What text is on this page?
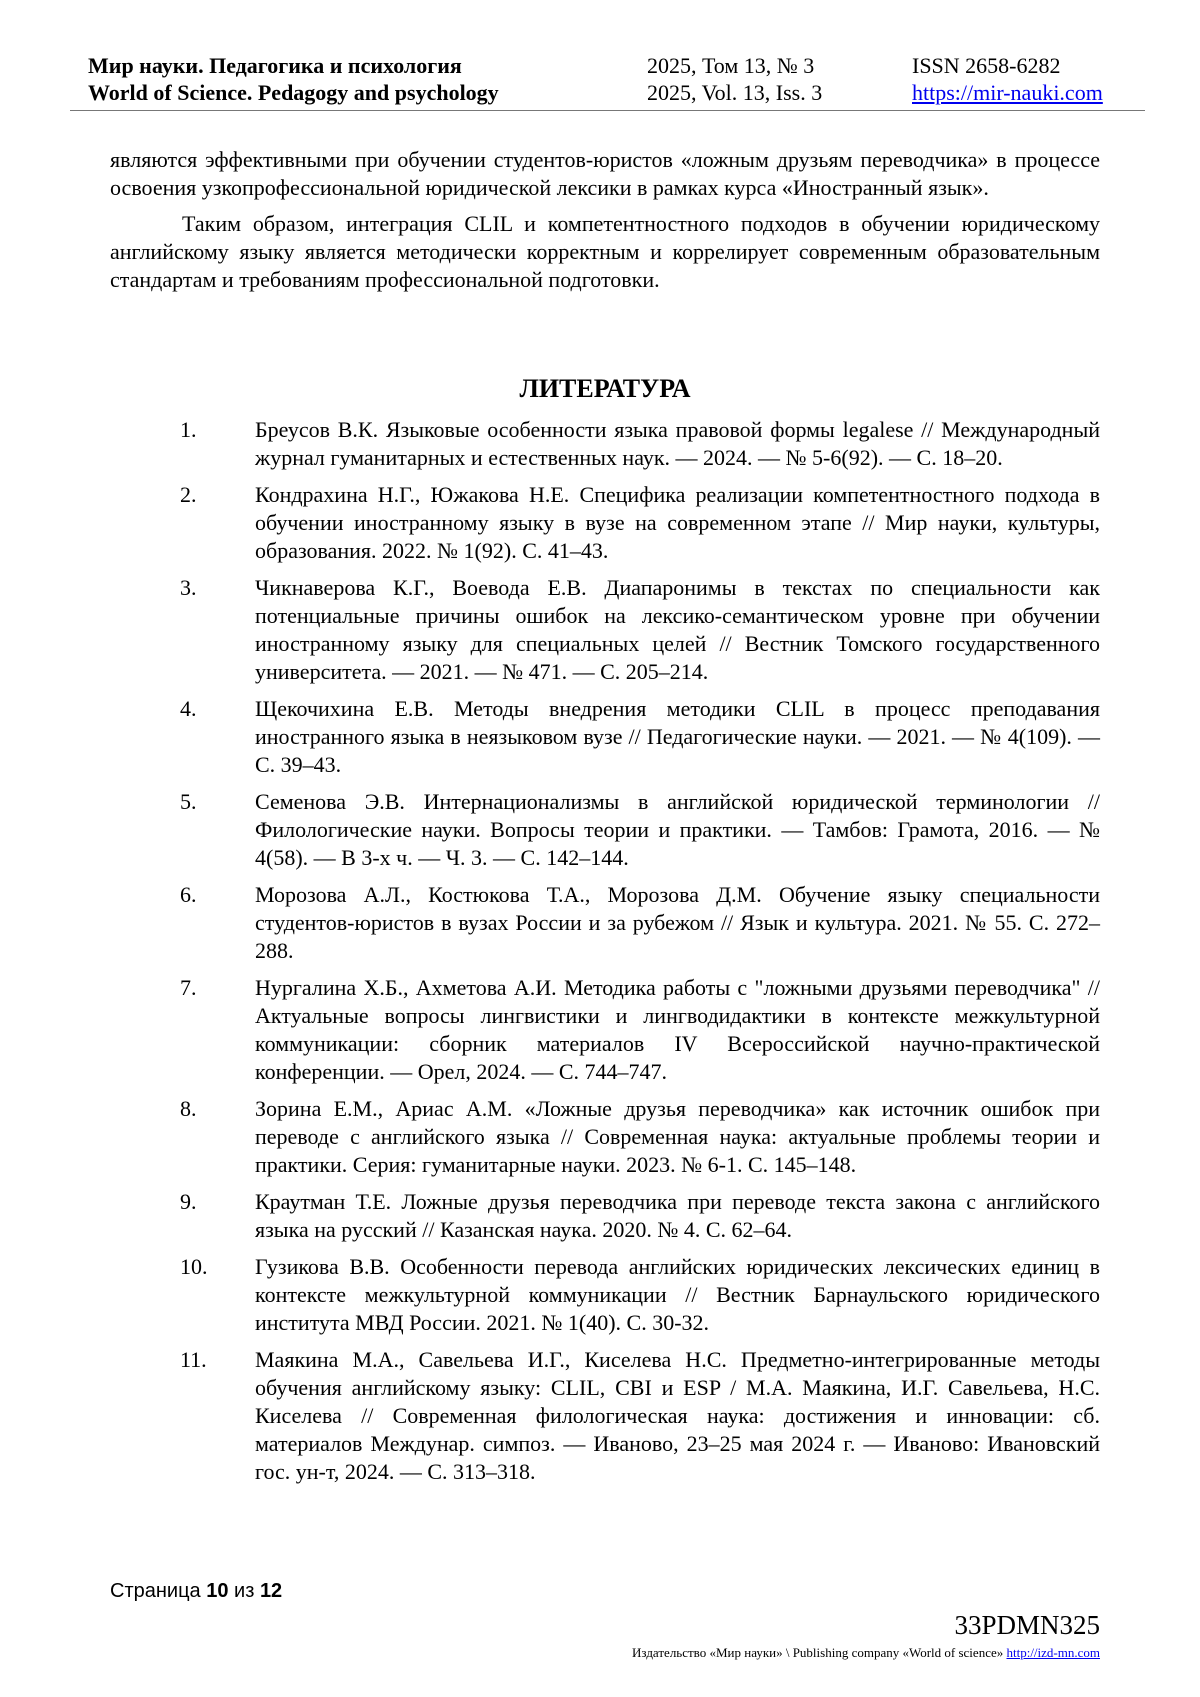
Мир науки. Педагогика и психология	2025, Том 13, № 3	ISSN 2658-6282
World of Science. Pedagogy and psychology	2025, Vol. 13, Iss. 3	https://mir-nauki.com

являются эффективными при обучении студентов-юристов «ложным друзьям переводчика» в процессе освоения узкопрофессиональной юридической лексики в рамках курса «Иностранный язык».

Таким образом, интеграция CLIL и компетентностного подходов в обучении юридическому английскому языку является методически корректным и коррелирует современным образовательным стандартам и требованиям профессиональной подготовки.

ЛИТЕРАТУРА
1.	Бреусов В.К. Языковые особенности языка правовой формы legalese // Международный журнал гуманитарных и естественных наук. — 2024. — № 5-6(92). — С. 18–20.
2.	Кондрахина Н.Г., Южакова Н.Е. Специфика реализации компетентностного подхода в обучении иностранному языку в вузе на современном этапе // Мир науки, культуры, образования. 2022. № 1(92). С. 41–43.
3.	Чикнаверова К.Г., Воевода Е.В. Диапаронимы в текстах по специальности как потенциальные причины ошибок на лексико-семантическом уровне при обучении иностранному языку для специальных целей // Вестник Томского государственного университета. — 2021. — № 471. — С. 205–214.
4.	Щекочихина Е.В. Методы внедрения методики CLIL в процесс преподавания иностранного языка в неязыковом вузе // Педагогические науки. — 2021. — № 4(109). — С. 39–43.
5.	Семенова Э.В. Интернационализмы в английской юридической терминологии // Филологические науки. Вопросы теории и практики. — Тамбов: Грамота, 2016. — № 4(58). — В 3-х ч. — Ч. 3. — С. 142–144.
6.	Морозова А.Л., Костюкова Т.А., Морозова Д.М. Обучение языку специальности студентов-юристов в вузах России и за рубежом // Язык и культура. 2021. № 55. С. 272–288.
7.	Нургалина Х.Б., Ахметова А.И. Методика работы с "ложными друзьями переводчика" // Актуальные вопросы лингвистики и лингводидактики в контексте межкультурной коммуникации: сборник материалов IV Всероссийской научно-практической конференции. — Орел, 2024. — С. 744–747.
8.	Зорина Е.М., Ариас А.М. «Ложные друзья переводчика» как источник ошибок при переводе с английского языка // Современная наука: актуальные проблемы теории и практики. Серия: гуманитарные науки. 2023. № 6-1. С. 145–148.
9.	Краутман Т.Е. Ложные друзья переводчика при переводе текста закона с английского языка на русский // Казанская наука. 2020. № 4. С. 62–64.
10.	Гузикова В.В. Особенности перевода английских юридических лексических единиц в контексте межкультурной коммуникации // Вестник Барнаульского юридического института МВД России. 2021. № 1(40). С. 30-32.
11.	Маякина М.А., Савельева И.Г., Киселева Н.С. Предметно-интегрированные методы обучения английскому языку: CLIL, CBI и ESP / М.А. Маякина, И.Г. Савельева, Н.С. Киселева // Современная филологическая наука: достижения и инновации: сб. материалов Междунар. симпоз. — Иваново, 23–25 мая 2024 г. — Иваново: Ивановский гос. ун-т, 2024. — С. 313–318.
Страница 10 из 12
33PDMN325
Издательство «Мир науки» \ Publishing company «World of science» http://izd-mn.com
